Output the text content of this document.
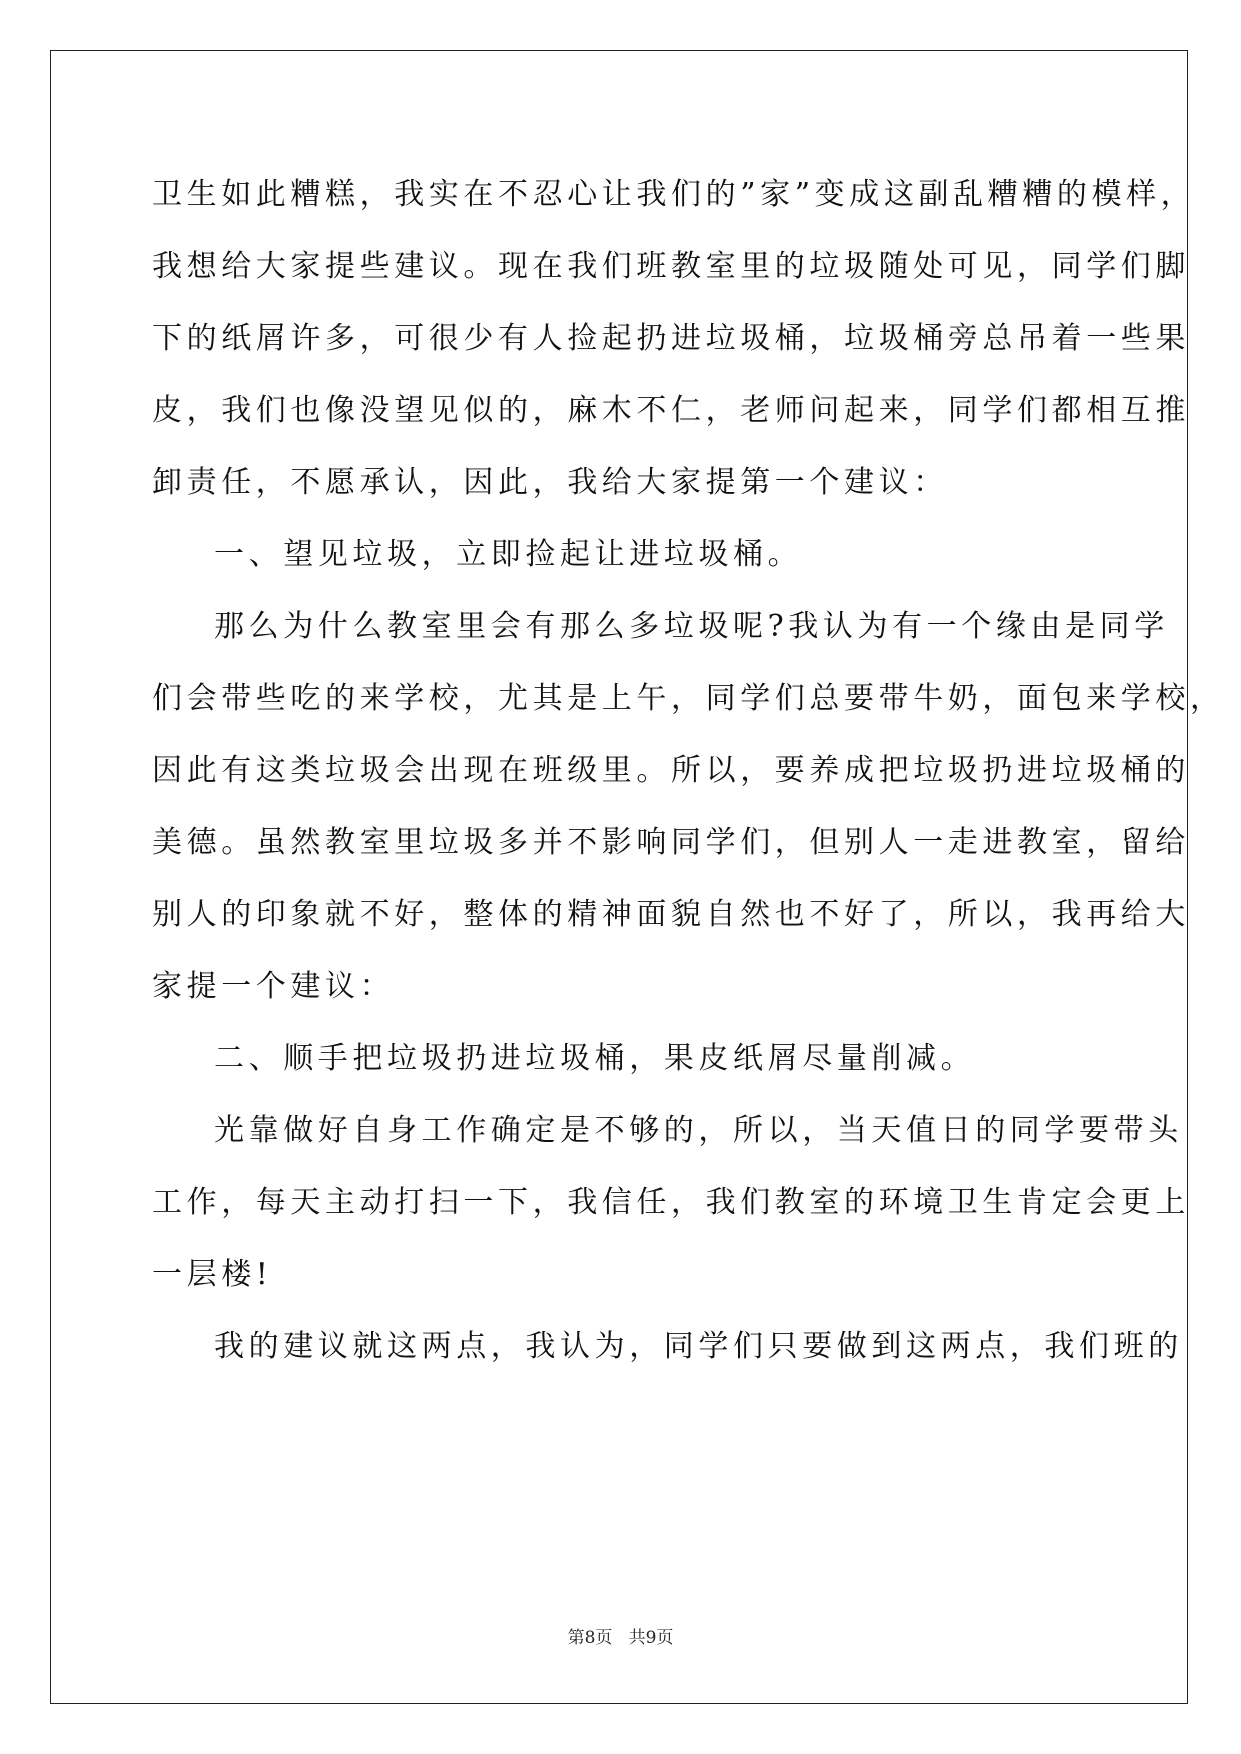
卫生如此糟糕，我实在不忍心让我们的”家”变成这副乱糟糟的模样，
我想给大家提些建议。现在我们班教室里的垃圾随处可见，同学们脚
下的纸屑许多，可很少有人捡起扔进垃圾桶，垃圾桶旁总吊着一些果
皮，我们也像没望见似的，麻木不仁，老师问起来，同学们都相互推
卸责任，不愿承认，因此，我给大家提第一个建议：
一、望见垃圾，立即捡起让进垃圾桶。
那么为什么教室里会有那么多垃圾呢?我认为有一个缘由是同学
们会带些吃的来学校，尤其是上午，同学们总要带牛奶，面包来学校，
因此有这类垃圾会出现在班级里。所以，要养成把垃圾扔进垃圾桶的
美德。虽然教室里垃圾多并不影响同学们，但别人一走进教室，留给
别人的印象就不好，整体的精神面貌自然也不好了，所以，我再给大
家提一个建议：
二、顺手把垃圾扔进垃圾桶，果皮纸屑尽量削减。
光靠做好自身工作确定是不够的，所以，当天值日的同学要带头
工作，每天主动打扫一下，我信任，我们教室的环境卫生肯定会更上
一层楼!
我的建议就这两点，我认为，同学们只要做到这两点，我们班的
第8页   共9页
